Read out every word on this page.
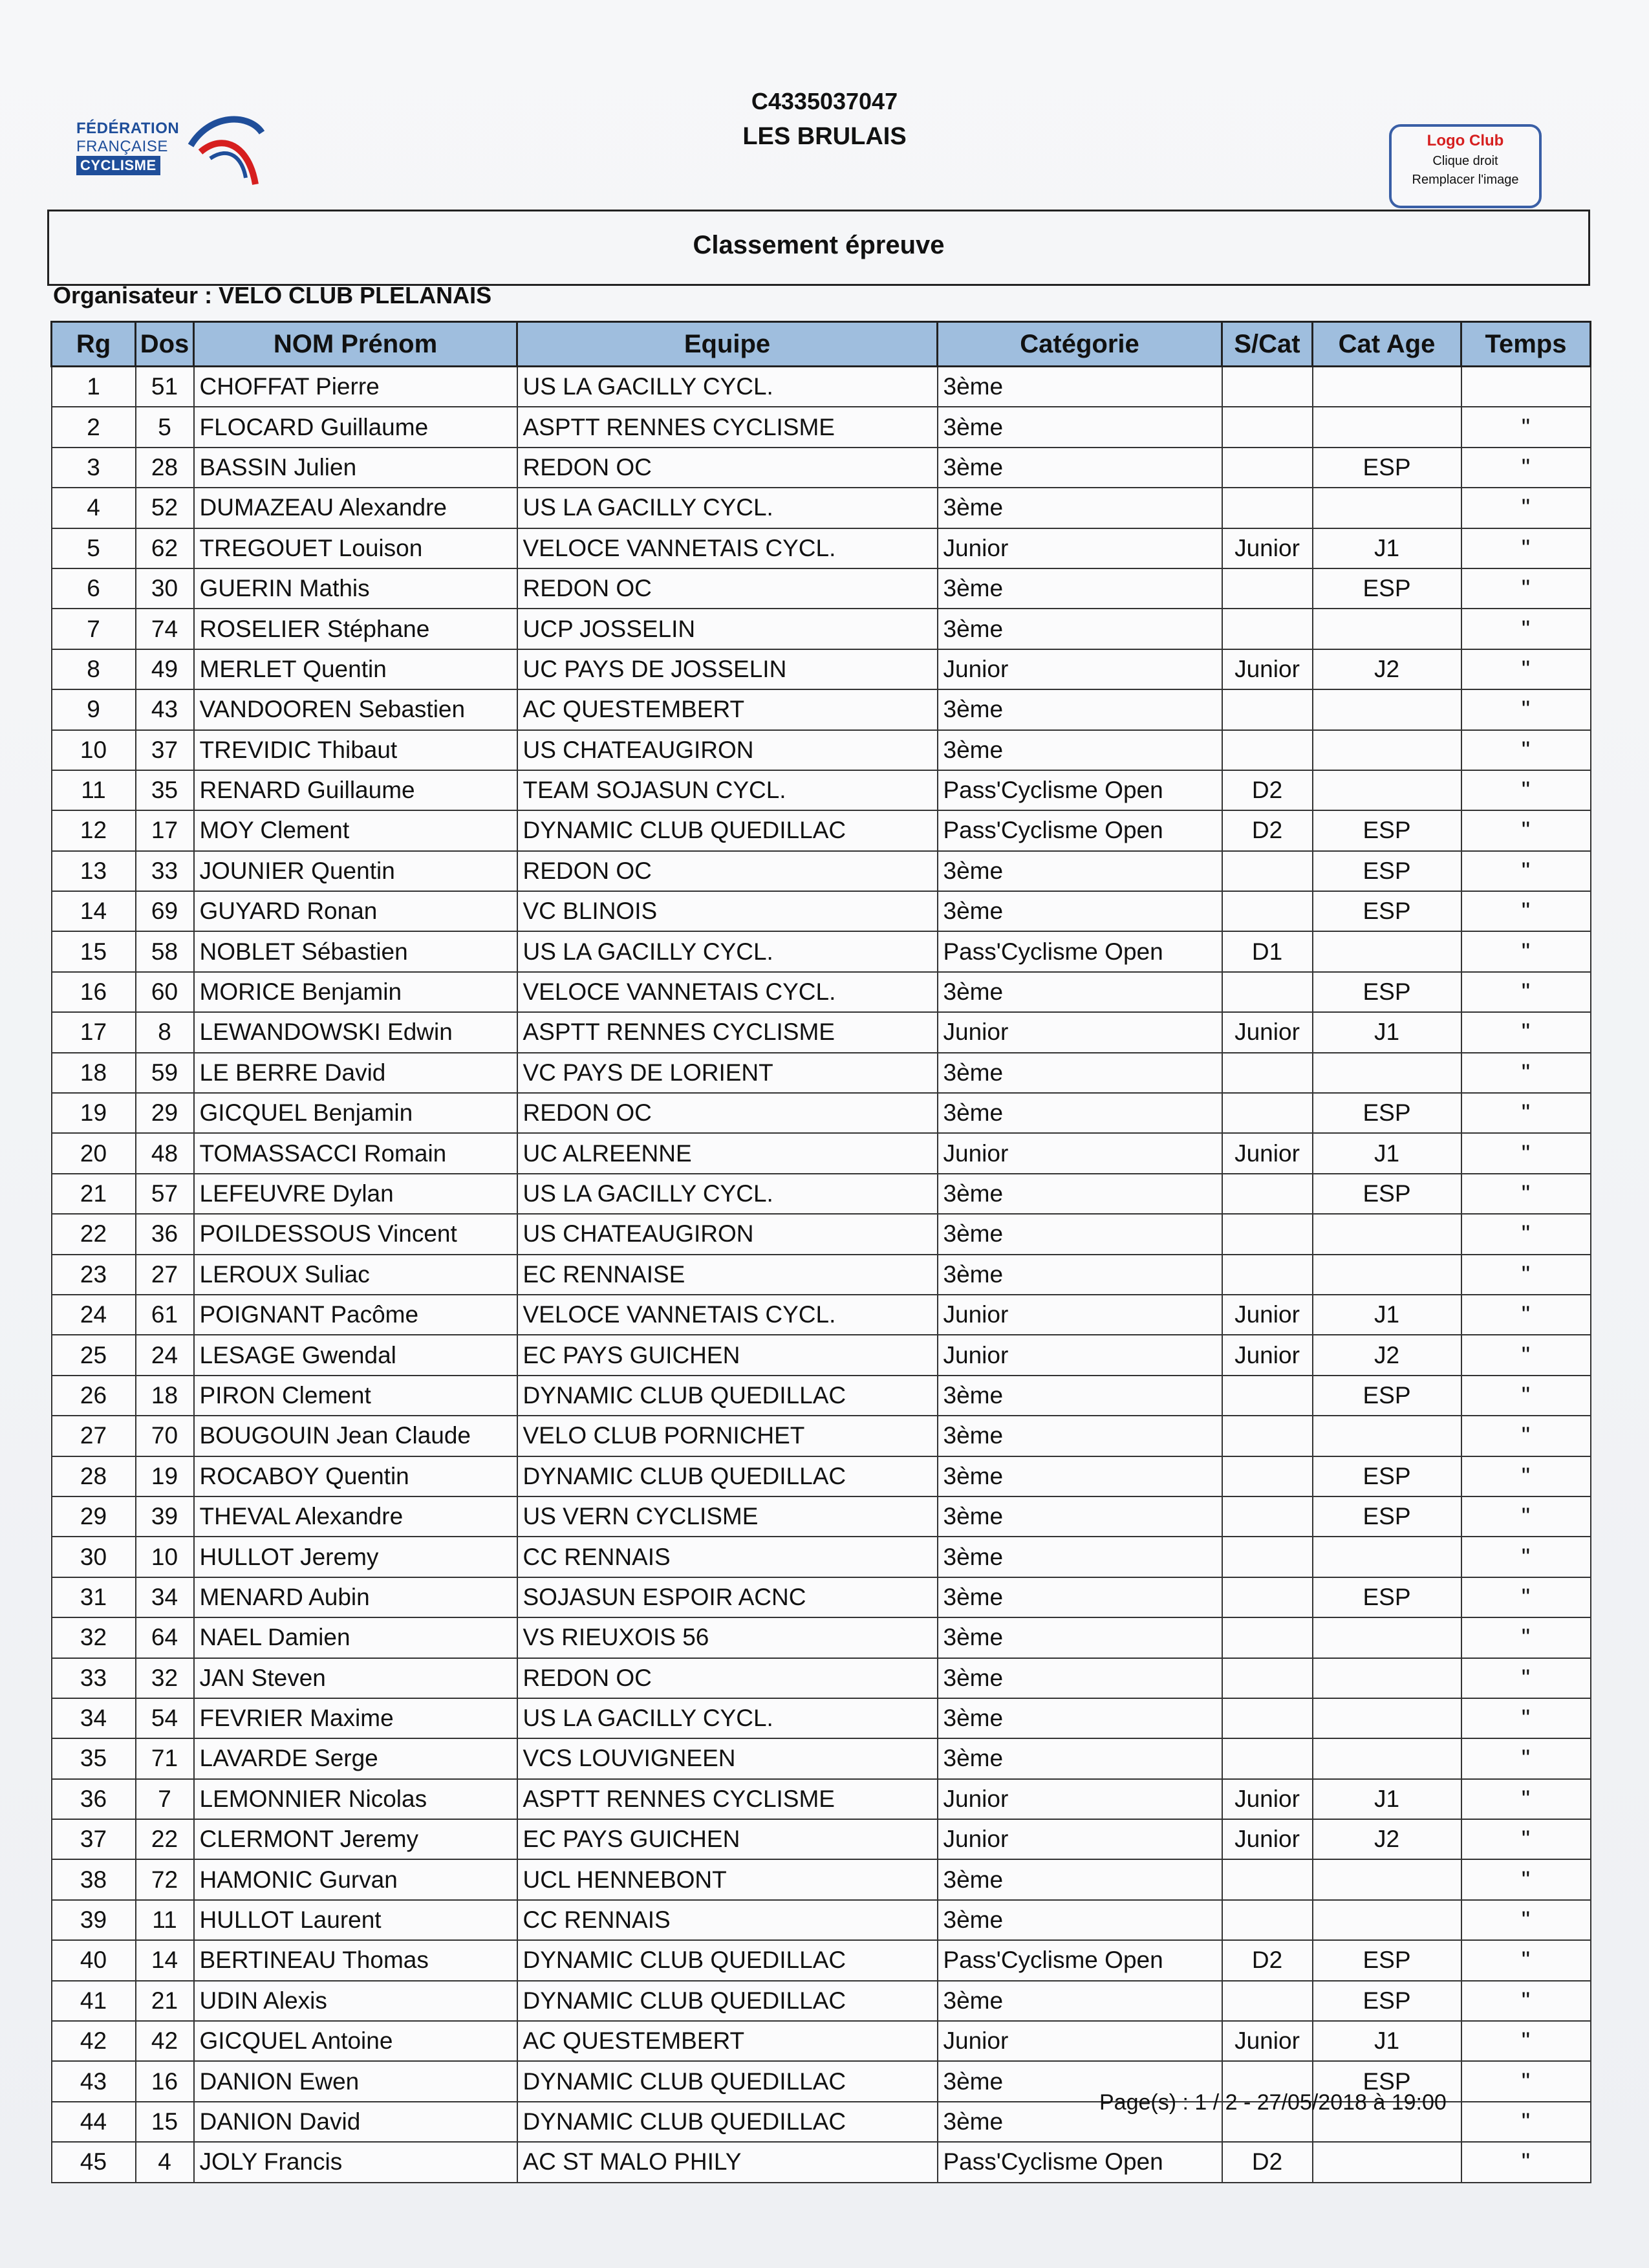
FÉDÉRATION
FRANÇAISE
CYCLISME
C4335037047
LES BRULAIS	Logo Club
Clique droit
Remplacer l'image
Classement épreuve
Organisateur : VELO CLUB PLELANAIS
Rg	Dos	NOM Prénom	Equipe	Catégorie	S/Cat	Cat Age	Temps
1	51	CHOFFAT Pierre	US LA GACILLY CYCL.	3ème			
2	5	FLOCARD Guillaume	ASPTT RENNES CYCLISME	3ème			"
3	28	BASSIN Julien	REDON OC	3ème		ESP	"
4	52	DUMAZEAU Alexandre	US LA GACILLY CYCL.	3ème			"
5	62	TREGOUET Louison	VELOCE VANNETAIS CYCL.	Junior	Junior	J1	"
6	30	GUERIN Mathis	REDON OC	3ème		ESP	"
7	74	ROSELIER Stéphane	UCP JOSSELIN	3ème			"
8	49	MERLET Quentin	UC PAYS DE JOSSELIN	Junior	Junior	J2	"
9	43	VANDOOREN Sebastien	AC QUESTEMBERT	3ème			"
10	37	TREVIDIC Thibaut	US CHATEAUGIRON	3ème			"
11	35	RENARD Guillaume	TEAM SOJASUN CYCL.	Pass'Cyclisme Open	D2		"
12	17	MOY Clement	DYNAMIC CLUB QUEDILLAC	Pass'Cyclisme Open	D2	ESP	"
13	33	JOUNIER Quentin	REDON OC	3ème		ESP	"
14	69	GUYARD Ronan	VC BLINOIS	3ème		ESP	"
15	58	NOBLET Sébastien	US LA GACILLY CYCL.	Pass'Cyclisme Open	D1		"
16	60	MORICE Benjamin	VELOCE VANNETAIS CYCL.	3ème		ESP	"
17	8	LEWANDOWSKI Edwin	ASPTT RENNES CYCLISME	Junior	Junior	J1	"
18	59	LE BERRE David	VC PAYS DE LORIENT	3ème			"
19	29	GICQUEL Benjamin	REDON OC	3ème		ESP	"
20	48	TOMASSACCI Romain	UC ALREENNE	Junior	Junior	J1	"
21	57	LEFEUVRE Dylan	US LA GACILLY CYCL.	3ème		ESP	"
22	36	POILDESSOUS Vincent	US CHATEAUGIRON	3ème			"
23	27	LEROUX Suliac	EC RENNAISE	3ème			"
24	61	POIGNANT Pacôme	VELOCE VANNETAIS CYCL.	Junior	Junior	J1	"
25	24	LESAGE Gwendal	EC PAYS GUICHEN	Junior	Junior	J2	"
26	18	PIRON Clement	DYNAMIC CLUB QUEDILLAC	3ème		ESP	"
27	70	BOUGOUIN Jean Claude	VELO CLUB PORNICHET	3ème			"
28	19	ROCABOY Quentin	DYNAMIC CLUB QUEDILLAC	3ème		ESP	"
29	39	THEVAL Alexandre	US VERN CYCLISME	3ème		ESP	"
30	10	HULLOT Jeremy	CC RENNAIS	3ème			"
31	34	MENARD Aubin	SOJASUN ESPOIR ACNC	3ème		ESP	"
32	64	NAEL Damien	VS RIEUXOIS 56	3ème			"
33	32	JAN Steven	REDON OC	3ème			"
34	54	FEVRIER Maxime	US LA GACILLY CYCL.	3ème			"
35	71	LAVARDE Serge	VCS LOUVIGNEEN	3ème			"
36	7	LEMONNIER Nicolas	ASPTT RENNES CYCLISME	Junior	Junior	J1	"
37	22	CLERMONT Jeremy	EC PAYS GUICHEN	Junior	Junior	J2	"
38	72	HAMONIC Gurvan	UCL HENNEBONT	3ème			"
39	11	HULLOT Laurent	CC RENNAIS	3ème			"
40	14	BERTINEAU Thomas	DYNAMIC CLUB QUEDILLAC	Pass'Cyclisme Open	D2	ESP	"
41	21	UDIN Alexis	DYNAMIC CLUB QUEDILLAC	3ème		ESP	"
42	42	GICQUEL Antoine	AC QUESTEMBERT	Junior	Junior	J1	"
43	16	DANION Ewen	DYNAMIC CLUB QUEDILLAC	3ème		ESP	"
44	15	DANION David	DYNAMIC CLUB QUEDILLAC	3ème			"
45	4	JOLY Francis	AC ST MALO PHILY	Pass'Cyclisme Open	D2		"
Page(s) : 1 / 2 - 27/05/2018 à 19:00
